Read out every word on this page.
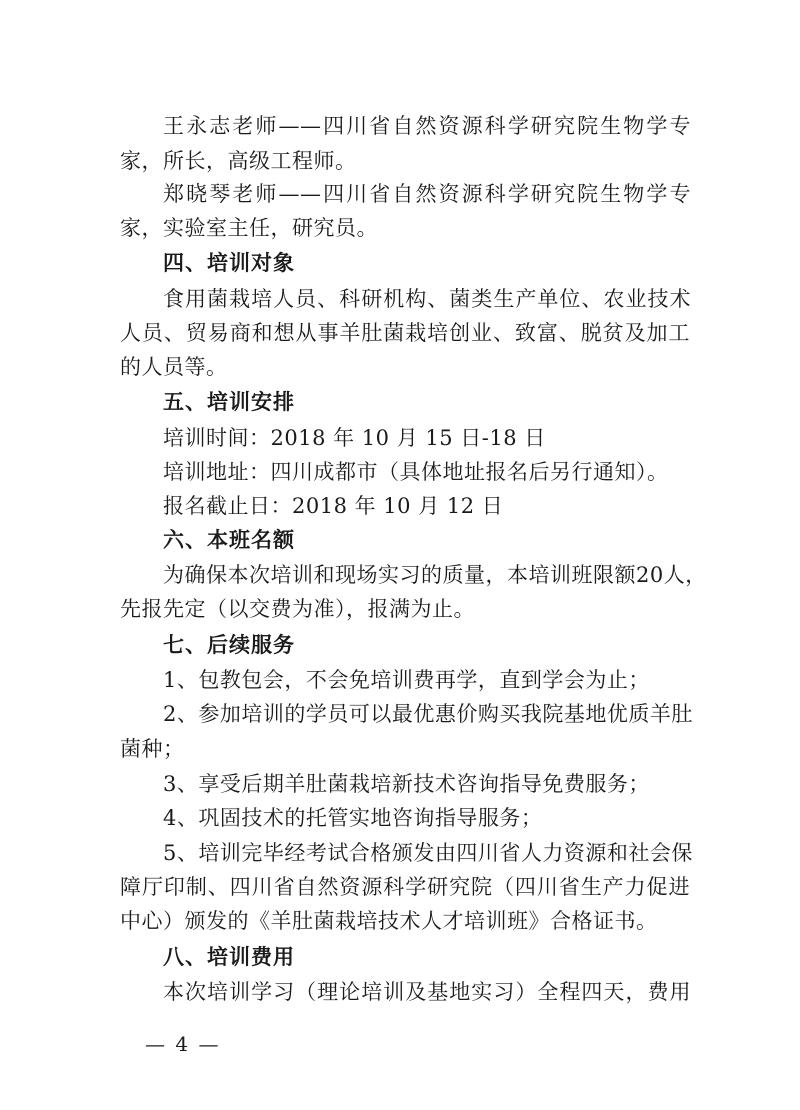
王永志老师——四川省自然资源科学研究院生物学专
家，所长，高级工程师。
郑晓琴老师——四川省自然资源科学研究院生物学专
家，实验室主任，研究员。
四、培训对象
食用菌栽培人员、科研机构、菌类生产单位、农业技术
人员、贸易商和想从事羊肚菌栽培创业、致富、脱贫及加工
的人员等。
五、培训安排
培训时间：2018 年 10 月 15 日-18 日
培训地址：四川成都市（具体地址报名后另行通知）。
报名截止日：2018 年 10 月 12 日
六、本班名额
为确保本次培训和现场实习的质量，本培训班限额20人，
先报先定（以交费为准），报满为止。
七、后续服务
1、包教包会，不会免培训费再学，直到学会为止；
2、参加培训的学员可以最优惠价购买我院基地优质羊肚
菌种；
3、享受后期羊肚菌栽培新技术咨询指导免费服务；
4、巩固技术的托管实地咨询指导服务；
5、培训完毕经考试合格颁发由四川省人力资源和社会保
障厅印制、四川省自然资源科学研究院（四川省生产力促进
中心）颁发的《羊肚菌栽培技术人才培训班》合格证书。
八、培训费用
本次培训学习（理论培训及基地实习）全程四天，费用
— 4 —
